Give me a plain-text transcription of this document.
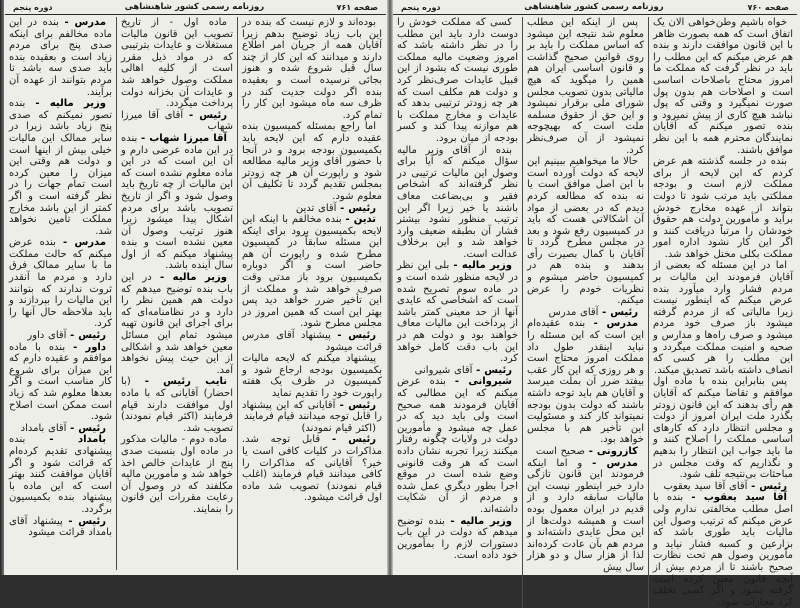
صفحه ۷۶۰
روزنامه رسمی کشور شاهنشاهی
دوره پنجم

خواه باشیم وطن‌خواهی الان یک اتفاق است که همه بصورت ظاهر با این قانون موافقت دارند و بنده هم عرض میکنم که این مطلب را باید در نظر گرفت که مملکت ما امروز محتاج باصلاحات اساسی است و اصلاحات هم بدون پول صورت نمیگیرد و وقتی که پول نباشد هیچ کاری از پیش نمیرود و بنده تصور میکنم که آقایان نمایندگان محترم همه با این نظر موافق باشند.

بنده در جلسه گذشته هم عرض کردم که این لایحه از برای مملکت لازم است و بودجه مملکتی باید مرتب شود تا دولت بتواند از عهده مخارج خودش برآید و مأمورین دولت هم حقوق خودشان را مرتباً دریافت کنند و اگر این کار نشود اداره امور مملکت بکلی مختل خواهد شد.

اما در این مسئله که بعضی از آقایان فرمودند این مالیات بر مردم فشار وارد میآورد بنده عرض میکنم که اینطور نیست زیرا مالیاتی که از مردم گرفته میشود باز صرف خود مردم میشود و صرف راه‌ها و مدارس و صحیه و امنیت مملکت میگردد و این مطلب را هر کسی که انصاف داشته باشد تصدیق میکند.

پس بنابراین بنده با ماده اول موافقم و تقاضا میکنم که آقایان هم رأی بدهند که این قانون زودتر بگذرد ملت ایران امروز از دولت و مجلس انتظار دارد که کارهای اساسی مملکت را اصلاح کنند و ما باید جواب این انتظار را بدهیم و نگذاریم که وقت مجلس در مباحثات بی‌نتیجه تلف شود.

رئیس - آقای آقا سید یعقوب

آقا سید یعقوب - بنده با اصل مطلب مخالفتی ندارم ولی عرض میکنم که ترتیب وصول این مالیات باید طوری باشد که بزارعین و کسبه فشار نیاید و مأمورین وصول هم تحت نظارت صحیح باشند تا از مردم بیش از آنچه قانون معین کرده است گرفته نشود و اگر کسی تخلف کرد مجازات شود.

پس از اینکه این مطلب معلوم شد نتیجه این میشود که اساس مملکت را باید بر روی قوانین صحیح گذاشت و قانون اساسی ایران هم همین را میگوید که هیچ مالیاتی بدون تصویب مجلس شورای ملی برقرار نمیشود و این حق از حقوق مسلمه ملت است که بهیچوجه نمیشود از آن صرف‌نظر کرد.

حالا ما میخواهیم ببینیم این لایحه که دولت آورده است با این اصل موافق است یا نه بنده که مطالعه کردم دیدم که در بعضی از مواد آن اشکالاتی هست که باید در کمیسیون رفع شود و بعد در مجلس مطرح گردد تا آقایان با کمال بصیرت رأی بدهند و بنده هم در کمیسیون حاضر میشوم و نظریات خودم را عرض میکنم.

رئیس - آقای مدرس

مدرس - بنده عقیده‌ام این است که این مسئله را نباید اینقدر طول داد مملکت امروز محتاج است و هر روزی که این کار عقب بیفتد ضرر آن بملت میرسد و آقایان هم باید توجه داشته باشند که دولت بدون بودجه نمیتواند کار کند و مسئولیت این تأخیر هم با مجلس خواهد بود.

کازرونی - صحیح است

مدرس - و اما اینکه فرمودند این قانون تازگی دارد خیر اینطور نیست این مالیات سابقه دارد و از قدیم در ایران معمول بوده است و همیشه دولت‌ها از این محل عایدی داشته‌اند و مردم هم بآن عادت کرده‌اند لذا از هزار سال و دو هزار سال پیش

کسی که مملکت خودش را دوست دارد باید این مطلب را در نظر داشته باشد که امروز وضعیت مالیه مملکت طوری نیست که بشود از این قبیل عایدات صرف‌نظر کرد و دولت هم مکلف است که هر چه زودتر ترتیبی بدهد که عایدات و مخارج مملکت با هم موازنه پیدا کند و کسر بودجه از میان برود.

بنده از آقای وزیر مالیه سؤال میکنم که آیا برای وصول این مالیات ترتیبی در نظر گرفته‌اند که اشخاص فقیر و بی‌بضاعت معاف باشند یا خیر زیرا اگر این ترتیب منظور نشود بیشتر فشار آن بطبقه ضعیف وارد خواهد شد و این برخلاف عدالت است.

وزیر مالیه - بلی این نظر در لایحه منظور شده است و در ماده سوم تصریح شده است که اشخاصی که عایدی آنها از حد معینی کمتر باشد از پرداخت این مالیات معاف خواهند بود و دولت هم در این باب دقت کامل خواهد کرد.

رئیس - آقای شیروانی

شیروانی - بنده عرض میکنم که این مطالبی که آقایان فرمودند همه صحیح است ولی باید دید که در عمل چه میشود و مأمورین دولت در ولایات چگونه رفتار میکنند زیرا تجربه نشان داده است که هر وقت قانونی وضع شده است در موقع اجرا بطور دیگری عمل شده و مردم از آن شکایت داشته‌اند.

وزیر مالیه - بنده توضیح میدهم که دولت در این باب دستورات لازم را بمأمورین خود داده است.

صفحه ۷۶۱
روزنامه رسمی کشور شاهنشاهی
دوره پنجم

بوده‌اند و لازم نیست که بنده در این باب زیاد توضیح بدهم زیرا آقایان همه از جریان امر اطلاع دارند و میدانند که این کار از چند سال قبل شروع شده و هنوز بجائی نرسیده است و بعقیده بنده اگر دولت جدیت کند در ظرف سه ماه میشود این کار را تمام کرد.

اما راجع بمسئله کمیسیون بنده عقیده دارم که این لایحه باید بکمیسیون بودجه برود و در آنجا با حضور آقای وزیر مالیه مطالعه شود و راپورت آن هر چه زودتر بمجلس تقدیم گردد تا تکلیف آن معلوم شود.

رئیس - آقای تدین

تدین - بنده مخالفم با اینکه این لایحه بکمیسیون برود برای اینکه این مسئله سابقاً در کمیسیون مطرح شده و راپورت آن هم حاضر است و اگر دوباره بکمیسیون برود باز مدتی وقت صرف خواهد شد و مملکت از این تأخیر ضرر خواهد دید پس بهتر این است که همین امروز در مجلس مطرح شود.

رئیس - پیشنهاد آقای مدرس قرائت میشود

پیشنهاد میکنم که لایحه مالیات بکمیسیون بودجه ارجاع شود و کمیسیون در ظرف یک هفته راپورت خود را تقدیم نماید

رئیس - آقایانی که این پیشنهاد را قابل توجه میدانند قیام فرمایند

(اکثر قیام نمودند)

رئیس - قابل توجه شد. مذاکرات در کلیات کافی است یا خیر؟ آقایانی که مذاکرات را کافی میدانند قیام فرمایند (اغلب قیام نمودند) تصویب شد ماده اول قرائت میشود.

ماده اول - از تاریخ تصویب این قانون مالیات مستغلات و عایدات بترتیبی که در مواد ذیل مقرر است از کلیه اهالی مملکت وصول خواهد شد و عایدات آن بخزانه دولت پرداخت میگردد.

رئیس - آقای آقا میرزا شهاب

آقا میرزا شهاب - بنده در این ماده عرضی دارم و آن این است که در این ماده معلوم نشده است که این مالیات از چه تاریخ باید وصول شود و اگر از تاریخ تصویب باشد برای مردم اشکال پیدا میشود زیرا هنوز ترتیب وصول آن معین نشده است و بنده پیشنهاد میکنم که از اول سال آینده باشد.

وزیر مالیه - در این باب بنده توضیح میدهم که دولت هم همین نظر را دارد و در نظامنامه‌ای که برای اجرای این قانون تهیه میشود تمام این مسائل معین خواهد شد و اشکالی از این حیث پیش نخواهد آمد.

نایب رئیس - (با احضار) آقایانی که با ماده اول موافقت دارند قیام فرمایند (اکثر قیام نمودند) تصویب شد.

ماده دوم - مالیات مذکور در ماده اول بنسبت صدی پنج از عایدات خالص اخذ خواهد شد و مأمورین مالیه مکلفند که در وصول آن رعایت مقررات این قانون را بنمایند.

مدرس - بنده در این ماده مخالفم برای اینکه صدی پنج برای مردم زیاد است و بعقیده بنده باید صدی سه باشد تا مردم بتوانند از عهده آن برآیند.

وزیر مالیه - بنده تصور نمیکنم که صدی پنج زیاد باشد زیرا در سایر ممالک این مالیات خیلی بیش از اینها است و دولت هم وقتی این میزان را معین کرده است تمام جهات را در نظر گرفته است و اگر کمتر از این باشد مخارج مملکت تأمین نخواهد شد.

مدرس - بنده عرض میکنم که حالت مملکت ما با سایر ممالک فرق دارد و مردم ما آنقدر ثروت ندارند که بتوانند این مالیات را بپردازند و باید ملاحظه حال آنها را کرد.

رئیس - آقای داور

داور - بنده با ماده موافقم و عقیده دارم که این میزان برای شروع کار مناسب است و اگر بعدها معلوم شد که زیاد است ممکن است اصلاح شود.

رئیس - آقای بامداد

بامداد - بنده پیشنهادی تقدیم کرده‌ام که قرائت شود و اگر آقایان موافقت کنند بهتر است که این ماده با پیشنهاد بنده بکمیسیون برگردد.

رئیس - پیشنهاد آقای بامداد قرائت میشود
